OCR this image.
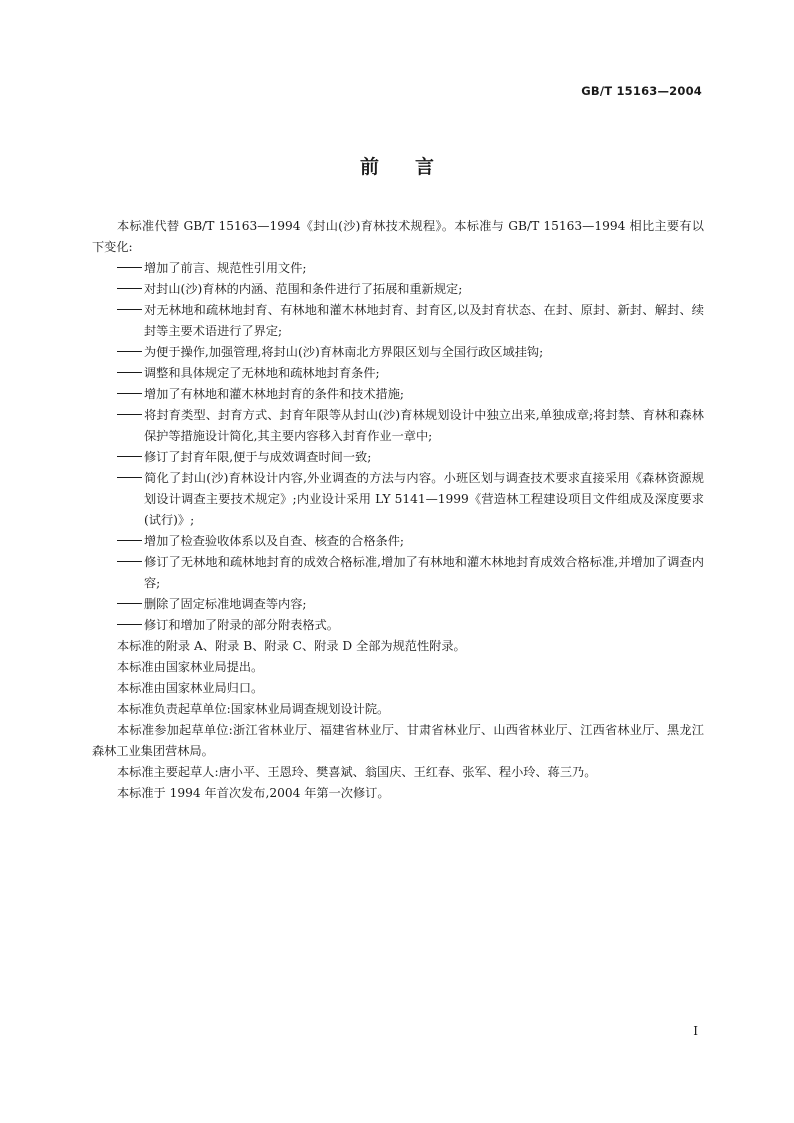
GB/T 15163—2004
前言

本标准代替 GB/T 15163—1994《封山(沙)育林技术规程》。本标准与 GB/T 15163—1994 相比主要有以下变化:

增加了前言、规范性引用文件;

对封山(沙)育林的内涵、范围和条件进行了拓展和重新规定;

对无林地和疏林地封育、有林地和灌木林地封育、封育区,以及封育状态、在封、原封、新封、解封、续封等主要术语进行了界定;

为便于操作,加强管理,将封山(沙)育林南北方界限区划与全国行政区域挂钩;

调整和具体规定了无林地和疏林地封育条件;

增加了有林地和灌木林地封育的条件和技术措施;

将封育类型、封育方式、封育年限等从封山(沙)育林规划设计中独立出来,单独成章;将封禁、育林和森林保护等措施设计简化,其主要内容移入封育作业一章中;

修订了封育年限,便于与成效调查时间一致;

简化了封山(沙)育林设计内容,外业调查的方法与内容。小班区划与调查技术要求直接采用《森林资源规划设计调查主要技术规定》;内业设计采用 LY 5141—1999《营造林工程建设项目文件组成及深度要求(试行)》;

增加了检查验收体系以及自查、核查的合格条件;

修订了无林地和疏林地封育的成效合格标准,增加了有林地和灌木林地封育成效合格标准,并增加了调查内容;

删除了固定标准地调查等内容;

修订和增加了附录的部分附表格式。

本标准的附录 A、附录 B、附录 C、附录 D 全部为规范性附录。

本标准由国家林业局提出。

本标准由国家林业局归口。

本标准负责起草单位:国家林业局调查规划设计院。

本标准参加起草单位:浙江省林业厅、福建省林业厅、甘肃省林业厅、山西省林业厅、江西省林业厅、黑龙江森林工业集团营林局。

本标准主要起草人:唐小平、王恩玲、樊喜斌、翁国庆、王红春、张军、程小玲、蒋三乃。

本标准于 1994 年首次发布,2004 年第一次修订。

I
